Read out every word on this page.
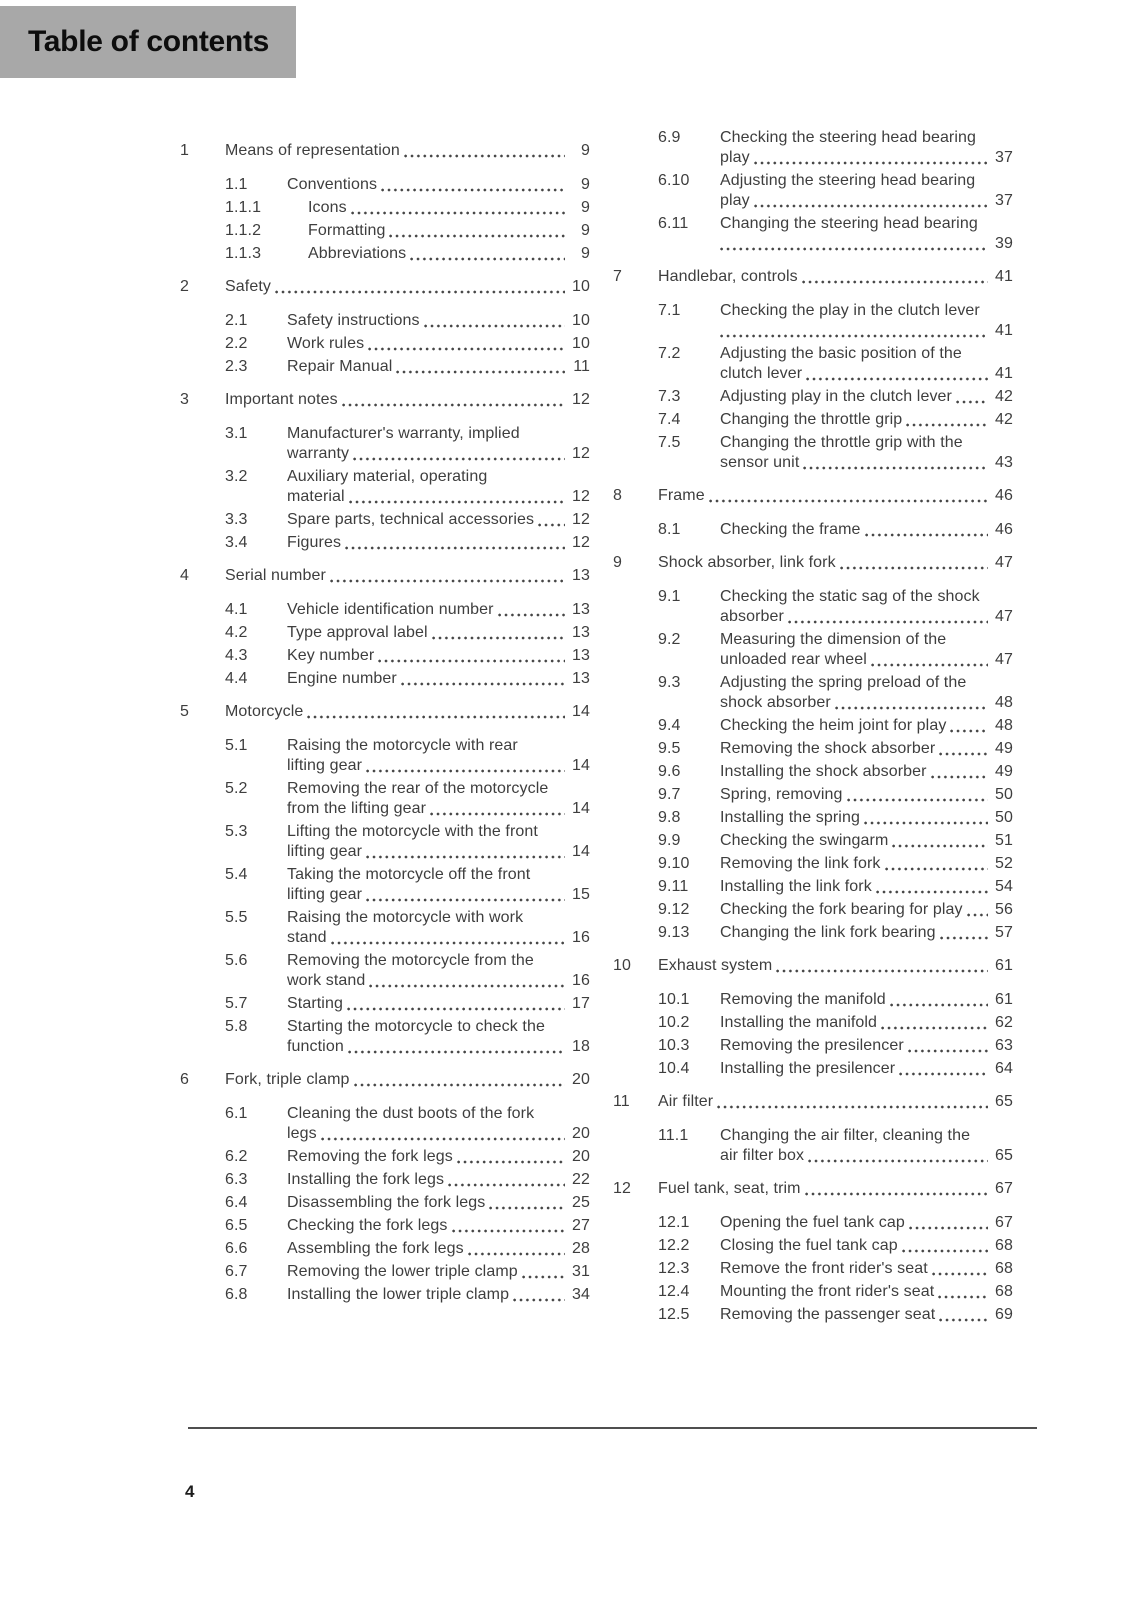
Table of contents
1	Means of representation	9
1.1	Conventions	9
1.1.1	Icons	9
1.1.2	Formatting	9
1.1.3	Abbreviations	9
2	Safety	10
2.1	Safety instructions	10
2.2	Work rules	10
2.3	Repair Manual	11
3	Important notes	12
3.1	Manufacturer's warranty, implied
warranty	12
3.2	Auxiliary material, operating
material	12
3.3	Spare parts, technical accessories 12
3.4	Figures	12
4	Serial number	13
4.1	Vehicle identification number	13
4.2	Type approval label	13
4.3	Key number	13
4.4	Engine number	13
5	Motorcycle	14
5.1	Raising the motorcycle with rear
lifting gear	14
5.2	Removing the rear of the motorcycle
from the lifting gear	14
5.3	Lifting the motorcycle with the front
lifting gear	14
5.4	Taking the motorcycle off the front
lifting gear	15
5.5	Raising the motorcycle with work
stand	16
5.6	Removing the motorcycle from the
work stand	16
5.7	Starting	17
5.8	Starting the motorcycle to check the
function	18
6	Fork, triple clamp	20
6.1	Cleaning the dust boots of the fork
legs	20
6.2	Removing the fork legs	20
6.3	Installing the fork legs	22
6.4	Disassembling the fork legs	25
6.5	Checking the fork legs	27
6.6	Assembling the fork legs	28
6.7	Removing the lower triple clamp	31
6.8	Installing the lower triple clamp	34
6.9	Checking the steering head bearing
play	37
6.10	Adjusting the steering head bearing
play	37
6.11	Changing the steering head bearing
39
7	Handlebar, controls	41
7.1	Checking the play in the clutch lever
41
7.2	Adjusting the basic position of the
clutch lever	41
7.3	Adjusting play in the clutch lever	42
7.4	Changing the throttle grip	42
7.5	Changing the throttle grip with the
sensor unit	43
8	Frame	46
8.1	Checking the frame	46
9	Shock absorber, link fork	47
9.1	Checking the static sag of the shock
absorber	47
9.2	Measuring the dimension of the
unloaded rear wheel	47
9.3	Adjusting the spring preload of the
shock absorber	48
9.4	Checking the heim joint for play	48
9.5	Removing the shock absorber	49
9.6	Installing the shock absorber	49
9.7	Spring, removing	50
9.8	Installing the spring	50
9.9	Checking the swingarm	51
9.10	Removing the link fork	52
9.11	Installing the link fork	54
9.12	Checking the fork bearing for play 56
9.13	Changing the link fork bearing	57
10	Exhaust system	61
10.1	Removing the manifold	61
10.2	Installing the manifold	62
10.3	Removing the presilencer	63
10.4	Installing the presilencer	64
11	Air filter	65
11.1	Changing the air filter, cleaning the
air filter box	65
12	Fuel tank, seat, trim	67
12.1	Opening the fuel tank cap	67
12.2	Closing the fuel tank cap	68
12.3	Remove the front rider's seat	68
12.4	Mounting the front rider's seat	68
12.5	Removing the passenger seat	69
4
